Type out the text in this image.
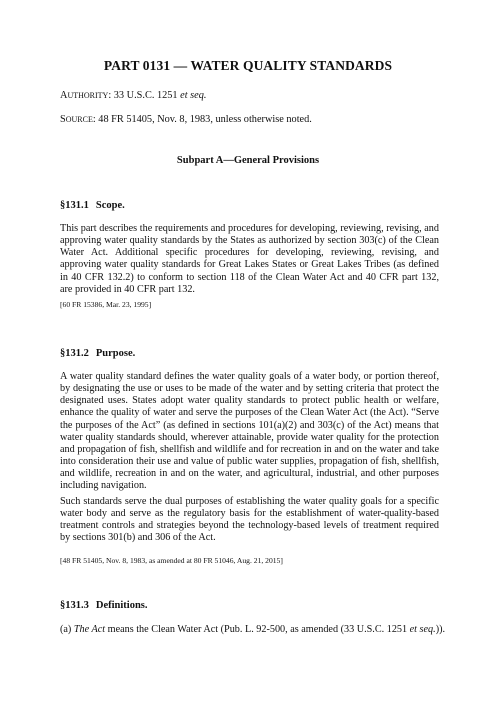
PART 0131 — WATER QUALITY STANDARDS
AUTHORITY: 33 U.S.C. 1251 et seq.
SOURCE: 48 FR 51405, Nov. 8, 1983, unless otherwise noted.
Subpart A—General Provisions
§131.1 Scope.
This part describes the requirements and procedures for developing, reviewing, revising, and approving water quality standards by the States as authorized by section 303(c) of the Clean Water Act. Additional specific procedures for developing, reviewing, revising, and approving water quality standards for Great Lakes States or Great Lakes Tribes (as defined in 40 CFR 132.2) to conform to section 118 of the Clean Water Act and 40 CFR part 132, are provided in 40 CFR part 132.
[60 FR 15386, Mar. 23, 1995]
§131.2 Purpose.
A water quality standard defines the water quality goals of a water body, or portion thereof, by designating the use or uses to be made of the water and by setting criteria that protect the designated uses. States adopt water quality standards to protect public health or welfare, enhance the quality of water and serve the purposes of the Clean Water Act (the Act). “Serve the purposes of the Act” (as defined in sections 101(a)(2) and 303(c) of the Act) means that water quality standards should, wherever attainable, provide water quality for the protection and propagation of fish, shellfish and wildlife and for recreation in and on the water and take into consideration their use and value of public water supplies, propagation of fish, shellfish, and wildlife, recreation in and on the water, and agricultural, industrial, and other purposes including navigation.
Such standards serve the dual purposes of establishing the water quality goals for a specific water body and serve as the regulatory basis for the establishment of water-quality-based treatment controls and strategies beyond the technology-based levels of treatment required by sections 301(b) and 306 of the Act.
[48 FR 51405, Nov. 8, 1983, as amended at 80 FR 51046, Aug. 21, 2015]
§131.3 Definitions.
(a) The Act means the Clean Water Act (Pub. L. 92-500, as amended (33 U.S.C. 1251 et seq.)).
